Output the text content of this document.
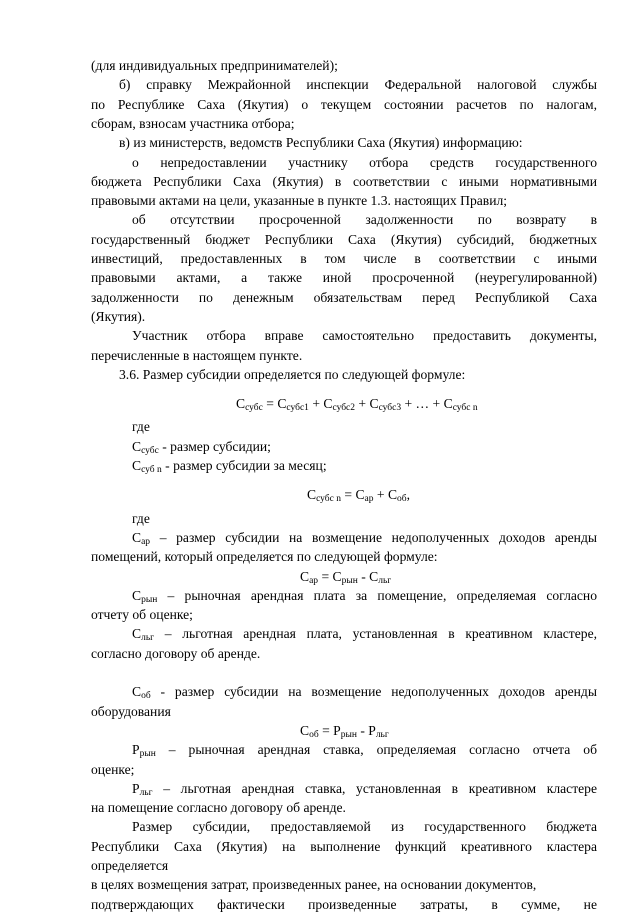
(для индивидуальных предпринимателей);
б) справку Межрайонной инспекции Федеральной налоговой службы
по Республике Саха (Якутия) о текущем состоянии расчетов по налогам,
сборам, взносам участника отбора;
в) из министерств, ведомств Республики Саха (Якутия) информацию:
о непредоставлении участнику отбора средств государственного
бюджета Республики Саха (Якутия) в соответствии с иными нормативными
правовыми актами на цели, указанные в пункте 1.3. настоящих Правил;
об отсутствии просроченной задолженности по возврату в
государственный бюджет Республики Саха (Якутия) субсидий, бюджетных
инвестиций, предоставленных в том числе в соответствии с иными
правовыми актами, а также иной просроченной (неурегулированной)
задолженности по денежным обязательствам перед Республикой Саха
(Якутия).
Участник отбора вправе самостоятельно предоставить документы,
перечисленные в настоящем пункте.
3.6. Размер субсидии определяется по следующей формуле:
$С_{субс} = С_{субс1} + С_{субс2} + С_{субс3}$ + … + $С_{субс n}$
где
$С_{субс}$ - размер субсидии;
$С_{суб n}$ - размер субсидии за месяц;
$С_{субс n} = С_{ар} + С_{об}$,
где
$С_{ар}$ – размер субсидии на возмещение недополученных доходов аренды
помещений, который определяется по следующей формуле:
$С_{ар} = С_{рын} - С_{льг}$
$С_{рын}$ – рыночная арендная плата за помещение, определяемая согласно
отчету об оценке;
$С_{льг}$ – льготная арендная плата, установленная в креативном кластере,
согласно договору об аренде.
$С_{об}$ - размер субсидии на возмещение недополученных доходов аренды
оборудования
$С_{об} = Р_{рын} - Р_{льг}$
$Р_{рын}$ – рыночная арендная ставка, определяемая согласно отчета об
оценке;
$Р_{льг}$ – льготная арендная ставка, установленная в креативном кластере
на помещение согласно договору об аренде.
Размер субсидии, предоставляемой из государственного бюджета
Республики Саха (Якутия) на выполнение функций креативного кластера
определяется
в целях возмещения затрат, произведенных ранее, на основании документов,
подтверждающих фактически произведенные затраты, в сумме, не
